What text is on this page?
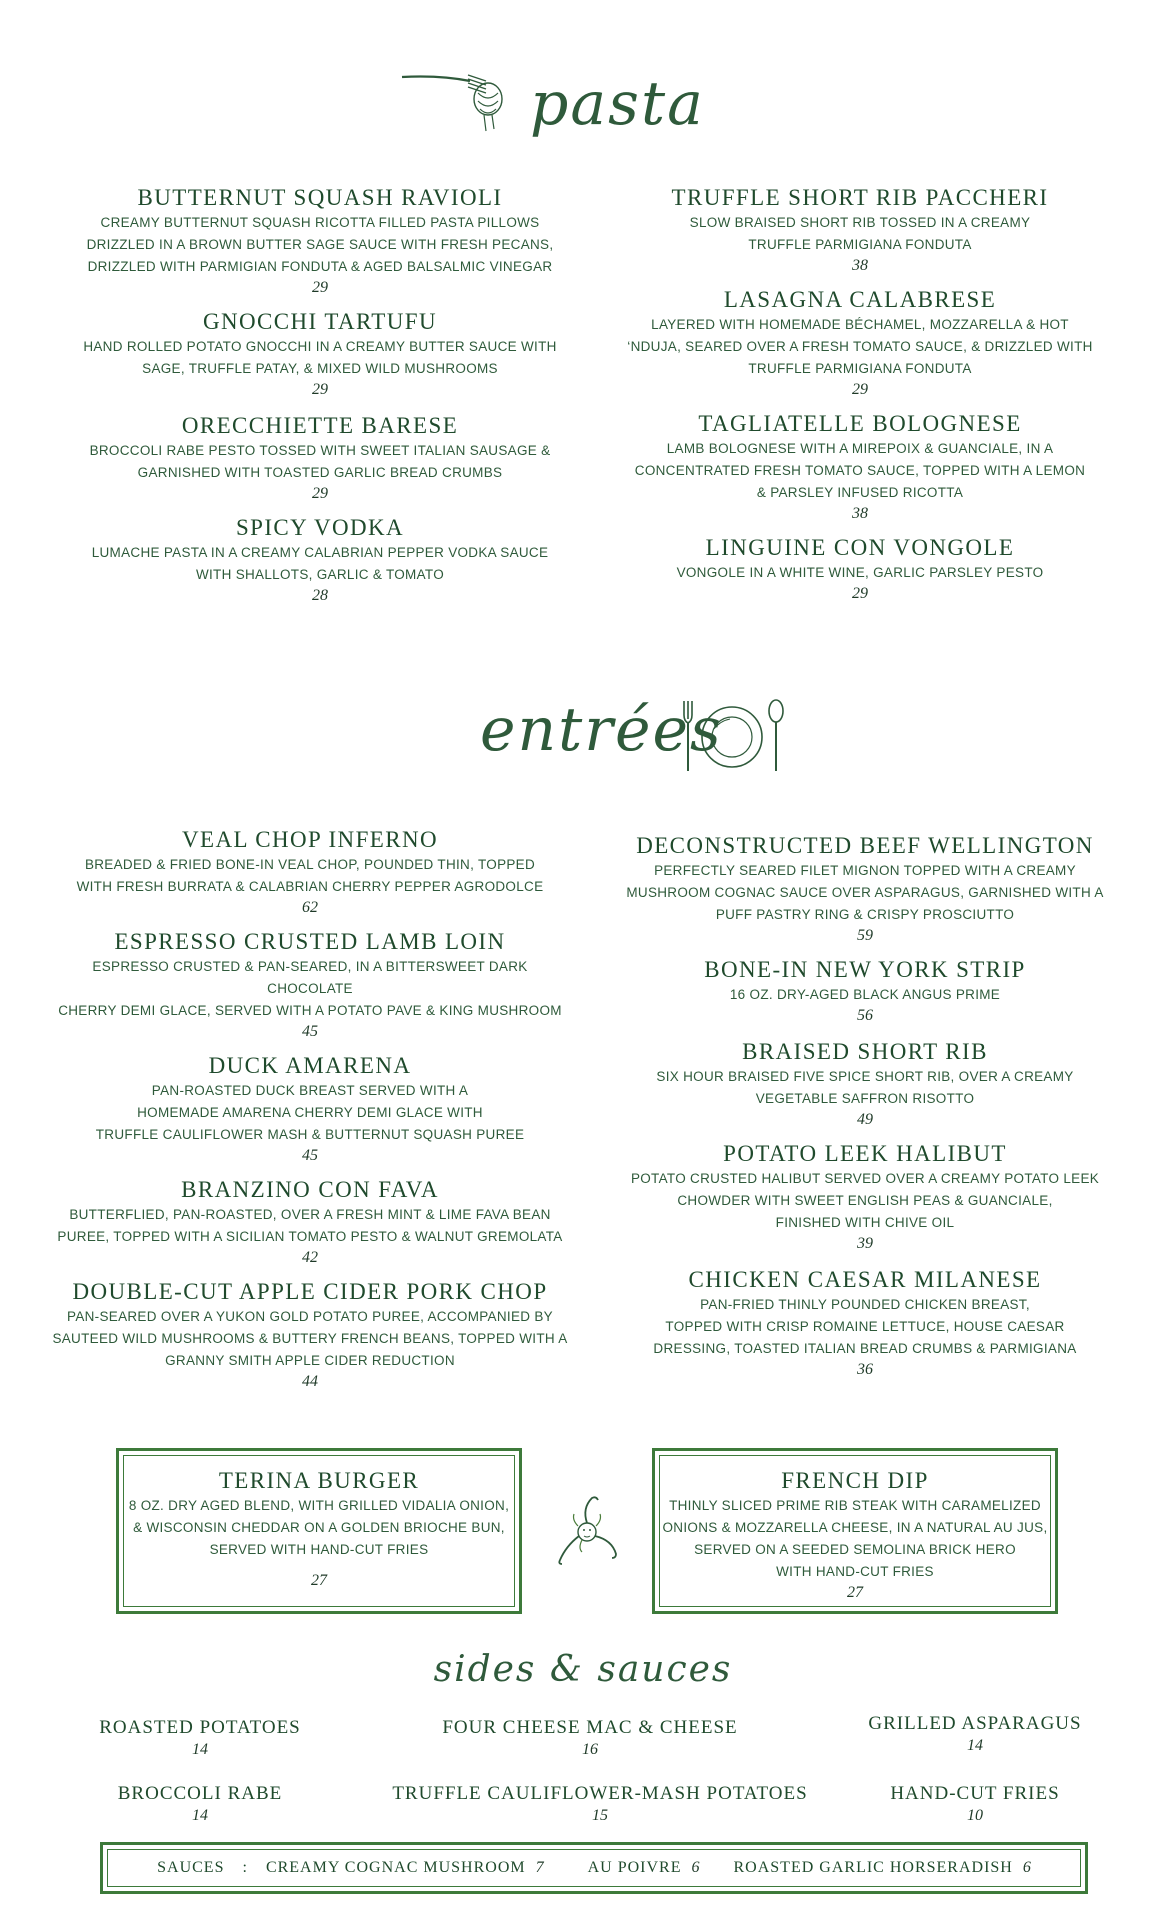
pasta
BUTTERNUT SQUASH RAVIOLI
CREAMY BUTTERNUT SQUASH RICOTTA FILLED PASTA PILLOWS
DRIZZLED IN A BROWN BUTTER SAGE SAUCE WITH FRESH PECANS,
DRIZZLED WITH PARMIGIAN FONDUTA & AGED BALSALMIC VINEGAR
29
GNOCCHI TARTUFU
HAND ROLLED POTATO GNOCCHI IN A CREAMY BUTTER SAUCE WITH
SAGE, TRUFFLE PATAY, & MIXED WILD MUSHROOMS
29
ORECCHIETTE BARESE
BROCCOLI RABE PESTO TOSSED WITH SWEET ITALIAN SAUSAGE &
GARNISHED WITH TOASTED GARLIC BREAD CRUMBS
29
SPICY VODKA
LUMACHE PASTA IN A CREAMY CALABRIAN PEPPER VODKA SAUCE
WITH SHALLOTS, GARLIC & TOMATO
28
TRUFFLE SHORT RIB PACCHERI
SLOW BRAISED SHORT RIB TOSSED IN A CREAMY
TRUFFLE PARMIGIANA FONDUTA
38
LASAGNA CALABRESE
LAYERED WITH HOMEMADE BÉCHAMEL, MOZZARELLA & HOT
‘NDUJA, SEARED OVER A FRESH TOMATO SAUCE, & DRIZZLED WITH
TRUFFLE PARMIGIANA FONDUTA
29
TAGLIATELLE BOLOGNESE
LAMB BOLOGNESE WITH A MIREPOIX & GUANCIALE, IN A
CONCENTRATED FRESH TOMATO SAUCE, TOPPED WITH A LEMON
& PARSLEY INFUSED RICOTTA
38
LINGUINE CON VONGOLE
VONGOLE IN A WHITE WINE, GARLIC PARSLEY PESTO
29
entrées
VEAL CHOP INFERNO
BREADED & FRIED BONE-IN VEAL CHOP, POUNDED THIN, TOPPED
WITH FRESH BURRATA & CALABRIAN CHERRY PEPPER AGRODOLCE
62
ESPRESSO CRUSTED LAMB LOIN
ESPRESSO CRUSTED & PAN-SEARED, IN A BITTERSWEET DARK CHOCOLATE
CHERRY DEMI GLACE, SERVED WITH A POTATO PAVE & KING MUSHROOM
45
DUCK AMARENA
PAN-ROASTED DUCK BREAST SERVED WITH A
HOMEMADE AMARENA CHERRY DEMI GLACE WITH
TRUFFLE CAULIFLOWER MASH & BUTTERNUT SQUASH PUREE
45
BRANZINO CON FAVA
BUTTERFLIED, PAN-ROASTED, OVER A FRESH MINT & LIME FAVA BEAN
PUREE, TOPPED WITH A SICILIAN TOMATO PESTO & WALNUT GREMOLATA
42
DOUBLE-CUT APPLE CIDER PORK CHOP
PAN-SEARED OVER A YUKON GOLD POTATO PUREE, ACCOMPANIED BY
SAUTEED WILD MUSHROOMS & BUTTERY FRENCH BEANS, TOPPED WITH A
GRANNY SMITH APPLE CIDER REDUCTION
44
DECONSTRUCTED BEEF WELLINGTON
PERFECTLY SEARED FILET MIGNON TOPPED WITH A CREAMY
MUSHROOM COGNAC SAUCE OVER ASPARAGUS, GARNISHED WITH A
PUFF PASTRY RING & CRISPY PROSCIUTTO
59
BONE-IN NEW YORK STRIP
16 OZ. DRY-AGED BLACK ANGUS PRIME
56
BRAISED SHORT RIB
SIX HOUR BRAISED FIVE SPICE SHORT RIB, OVER A CREAMY
VEGETABLE SAFFRON RISOTTO
49
POTATO LEEK HALIBUT
POTATO CRUSTED HALIBUT SERVED OVER A CREAMY POTATO LEEK
CHOWDER WITH SWEET ENGLISH PEAS & GUANCIALE,
FINISHED WITH CHIVE OIL
39
CHICKEN CAESAR MILANESE
PAN-FRIED THINLY POUNDED CHICKEN BREAST,
TOPPED WITH CRISP ROMAINE LETTUCE, HOUSE CAESAR
DRESSING, TOASTED ITALIAN BREAD CRUMBS & PARMIGIANA
36
TERINA BURGER
8 OZ. DRY AGED BLEND, WITH GRILLED VIDALIA ONION,
& WISCONSIN CHEDDAR ON A GOLDEN BRIOCHE BUN,
SERVED WITH HAND-CUT FRIES
27
FRENCH DIP
THINLY SLICED PRIME RIB STEAK WITH CARAMELIZED
ONIONS & MOZZARELLA CHEESE, IN A NATURAL AU JUS,
SERVED ON A SEEDED SEMOLINA BRICK HERO
WITH HAND-CUT FRIES
27
sides & sauces
ROASTED POTATOES
14
FOUR CHEESE MAC & CHEESE
16
GRILLED ASPARAGUS
14
BROCCOLI RABE
14
TRUFFLE CAULIFLOWER-MASH POTATOES
15
HAND-CUT FRIES
10
SAUCES : CREAMY COGNAC MUSHROOM 7	AU POIVRE 6 ROASTED GARLIC HORSERADISH 6
